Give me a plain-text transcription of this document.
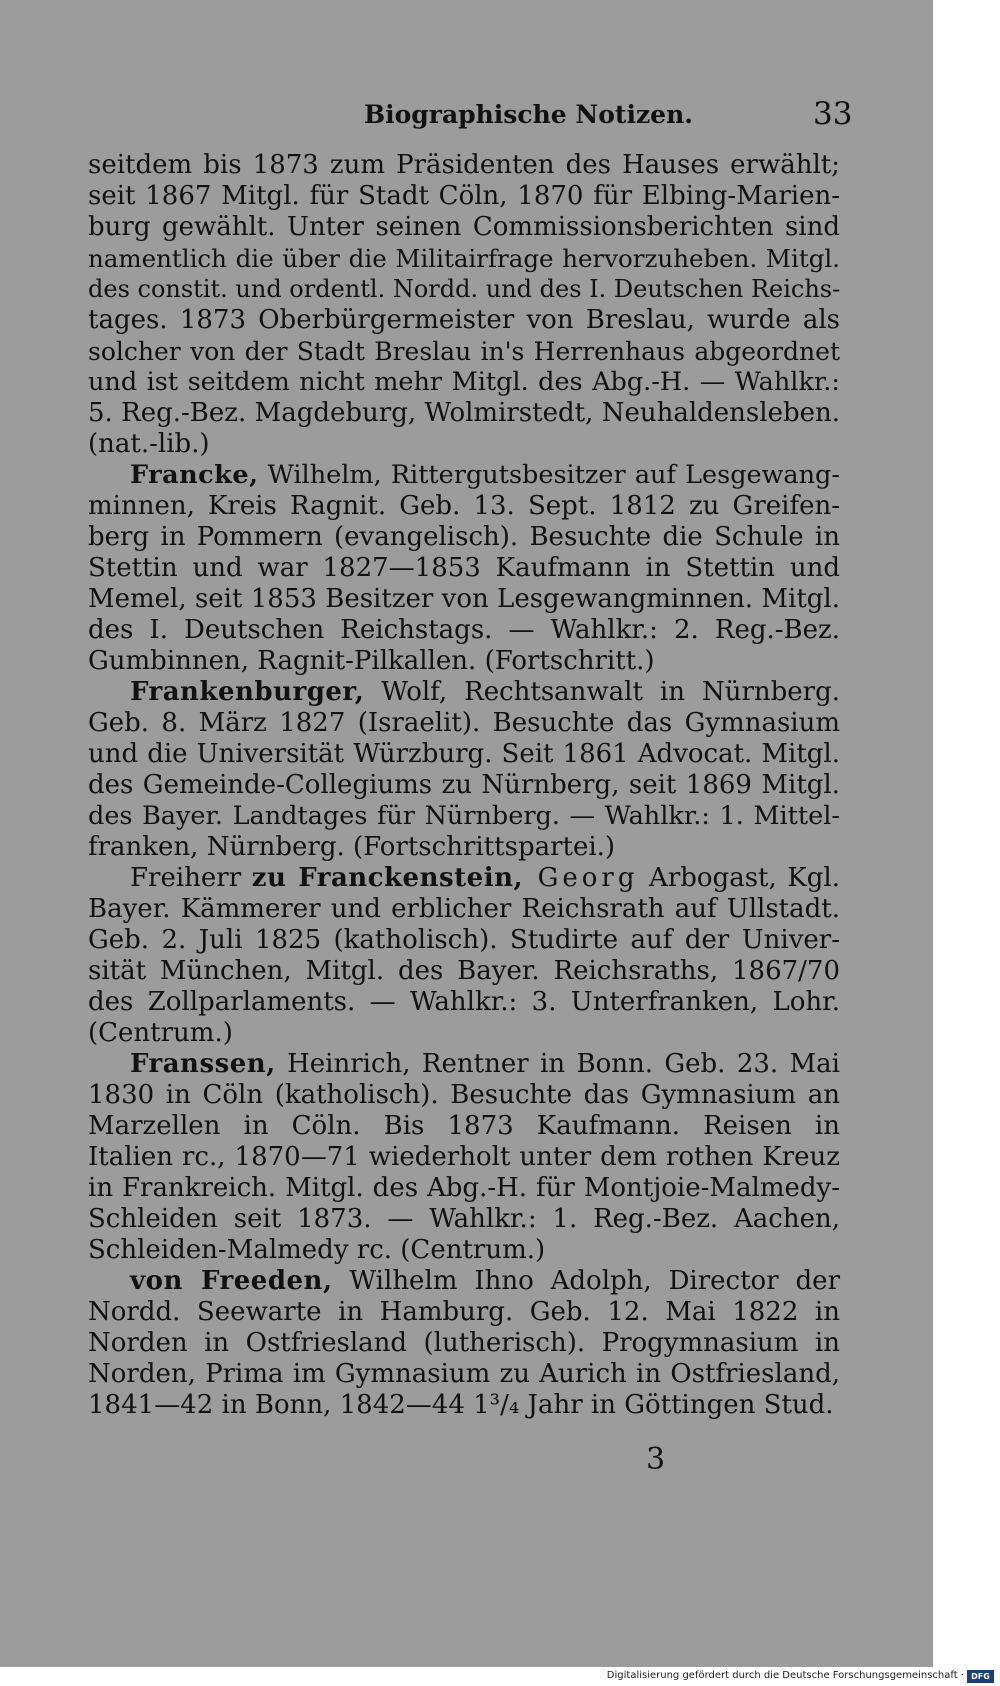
Biographische Notizen.	33
seitdem bis 1873 zum Präsidenten des Hauses erwählt;
seit 1867 Mitgl. für Stadt Cöln, 1870 für Elbing-Marien-
burg gewählt. Unter seinen Commissionsberichten sind
namentlich die über die Militairfrage hervorzuheben. Mitgl.
des constit. und ordentl. Nordd. und des I. Deutschen Reichs-
tages. 1873 Oberbürgermeister von Breslau, wurde als
solcher von der Stadt Breslau in's Herrenhaus abgeordnet
und ist seitdem nicht mehr Mitgl. des Abg.-H. — Wahlkr.:
5. Reg.-Bez. Magdeburg, Wolmirstedt, Neuhaldensleben.
(nat.-lib.)
Francke, Wilhelm, Rittergutsbesitzer auf Lesgewang-
minnen, Kreis Ragnit. Geb. 13. Sept. 1812 zu Greifen-
berg in Pommern (evangelisch). Besuchte die Schule in
Stettin und war 1827—1853 Kaufmann in Stettin und
Memel, seit 1853 Besitzer von Lesgewangminnen. Mitgl.
des I. Deutschen Reichstags. — Wahlkr.: 2. Reg.-Bez.
Gumbinnen, Ragnit-Pilkallen. (Fortschritt.)
Frankenburger, Wolf, Rechtsanwalt in Nürnberg.
Geb. 8. März 1827 (Israelit). Besuchte das Gymnasium
und die Universität Würzburg. Seit 1861 Advocat. Mitgl.
des Gemeinde-Collegiums zu Nürnberg, seit 1869 Mitgl.
des Bayer. Landtages für Nürnberg. — Wahlkr.: 1. Mittel-
franken, Nürnberg. (Fortschrittspartei.)
Freiherr zu Franckenstein, Georg Arbogast, Kgl.
Bayer. Kämmerer und erblicher Reichsrath auf Ullstadt.
Geb. 2. Juli 1825 (katholisch). Studirte auf der Univer-
sität München, Mitgl. des Bayer. Reichsraths, 1867/70
des Zollparlaments. — Wahlkr.: 3. Unterfranken, Lohr.
(Centrum.)
Franssen, Heinrich, Rentner in Bonn. Geb. 23. Mai
1830 in Cöln (katholisch). Besuchte das Gymnasium an
Marzellen in Cöln. Bis 1873 Kaufmann. Reisen in
Italien rc., 1870—71 wiederholt unter dem rothen Kreuz
in Frankreich. Mitgl. des Abg.-H. für Montjoie-Malmedy-
Schleiden seit 1873. — Wahlkr.: 1. Reg.-Bez. Aachen,
Schleiden-Malmedy rc. (Centrum.)
von Freeden, Wilhelm Ihno Adolph, Director der
Nordd. Seewarte in Hamburg. Geb. 12. Mai 1822 in
Norden in Ostfriesland (lutherisch). Progymnasium in
Norden, Prima im Gymnasium zu Aurich in Ostfriesland,
1841—42 in Bonn, 1842—44 1³/₄ Jahr in Göttingen Stud.
3
Digitalisierung gefördert durch die Deutsche Forschungsgemeinschaft · DFG
